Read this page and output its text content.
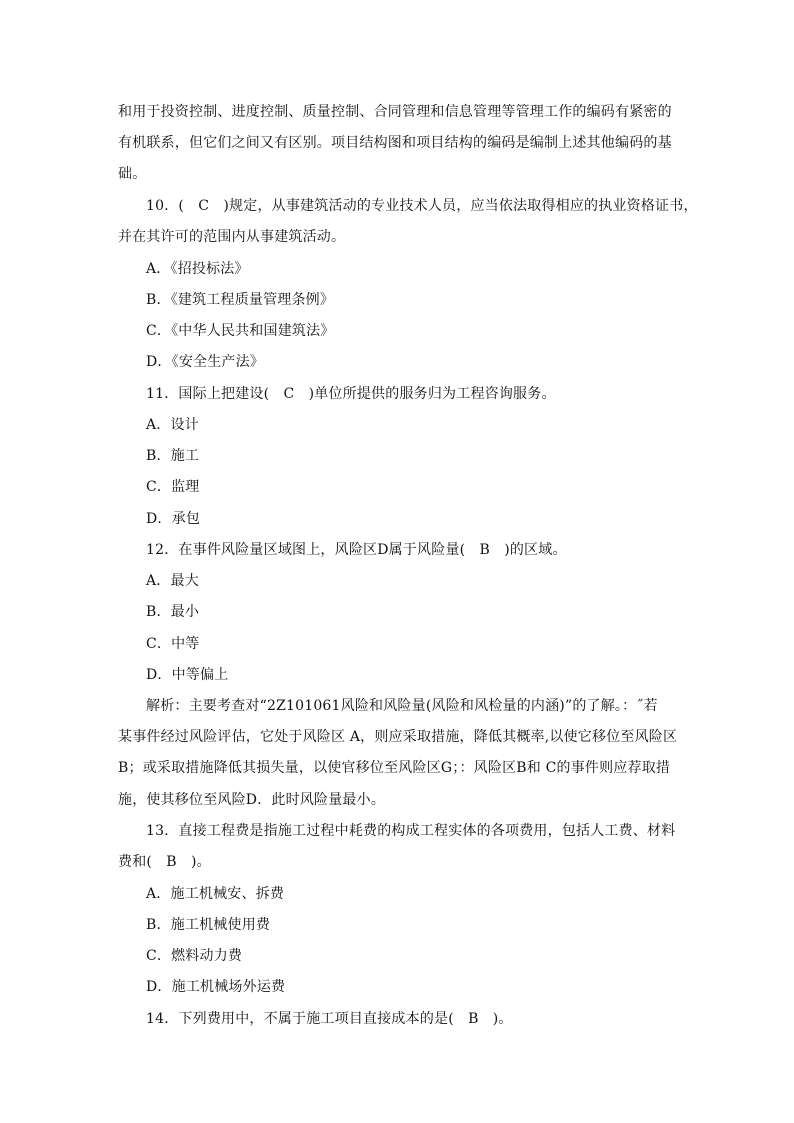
和用于投资控制、进度控制、质量控制、合同管理和信息管理等管理工作的编码有紧密的
有机联系，但它们之间又有区别。项目结构图和项目结构的编码是编制上述其他编码的基
础。
10．(　C　)规定，从事建筑活动的专业技术人员，应当依法取得相应的执业资格证书，
并在其许可的范围内从事建筑活动。
A．《招投标法》
B．《建筑工程质量管理条例》
C．《中华人民共和国建筑法》
D．《安全生产法》
11．国际上把建设(　C　)单位所提供的服务归为工程咨询服务。
A．设计
B．施工
C．监理
D．承包
12．在事件风险量区域图上，风险区D属于风险量(　B　)的区域。
A．最大
B．最小
C．中等
D．中等偏上
解析：主要考查对“2Z101061风险和风险量(风险和风检量的内涵)”的了解。：˝若
某事件经过风险评估，它处于风险区 A，则应采取措施，降低其概率,以使它移位至风险区
B；或采取措施降低其损失量，以使官移位至风险区G；：风险区B和 C的事件则应荐取措
施，使其移位至风险D．此时风险量最小。
13．直接工程费是指施工过程中耗费的构成工程实体的各项费用，包括人工费、材料
费和(　B　)。
A．施工机械安、拆费
B．施工机械使用费
C．燃料动力费
D．施工机械场外运费
14．下列费用中，不属于施工项目直接成本的是(　B　)。
